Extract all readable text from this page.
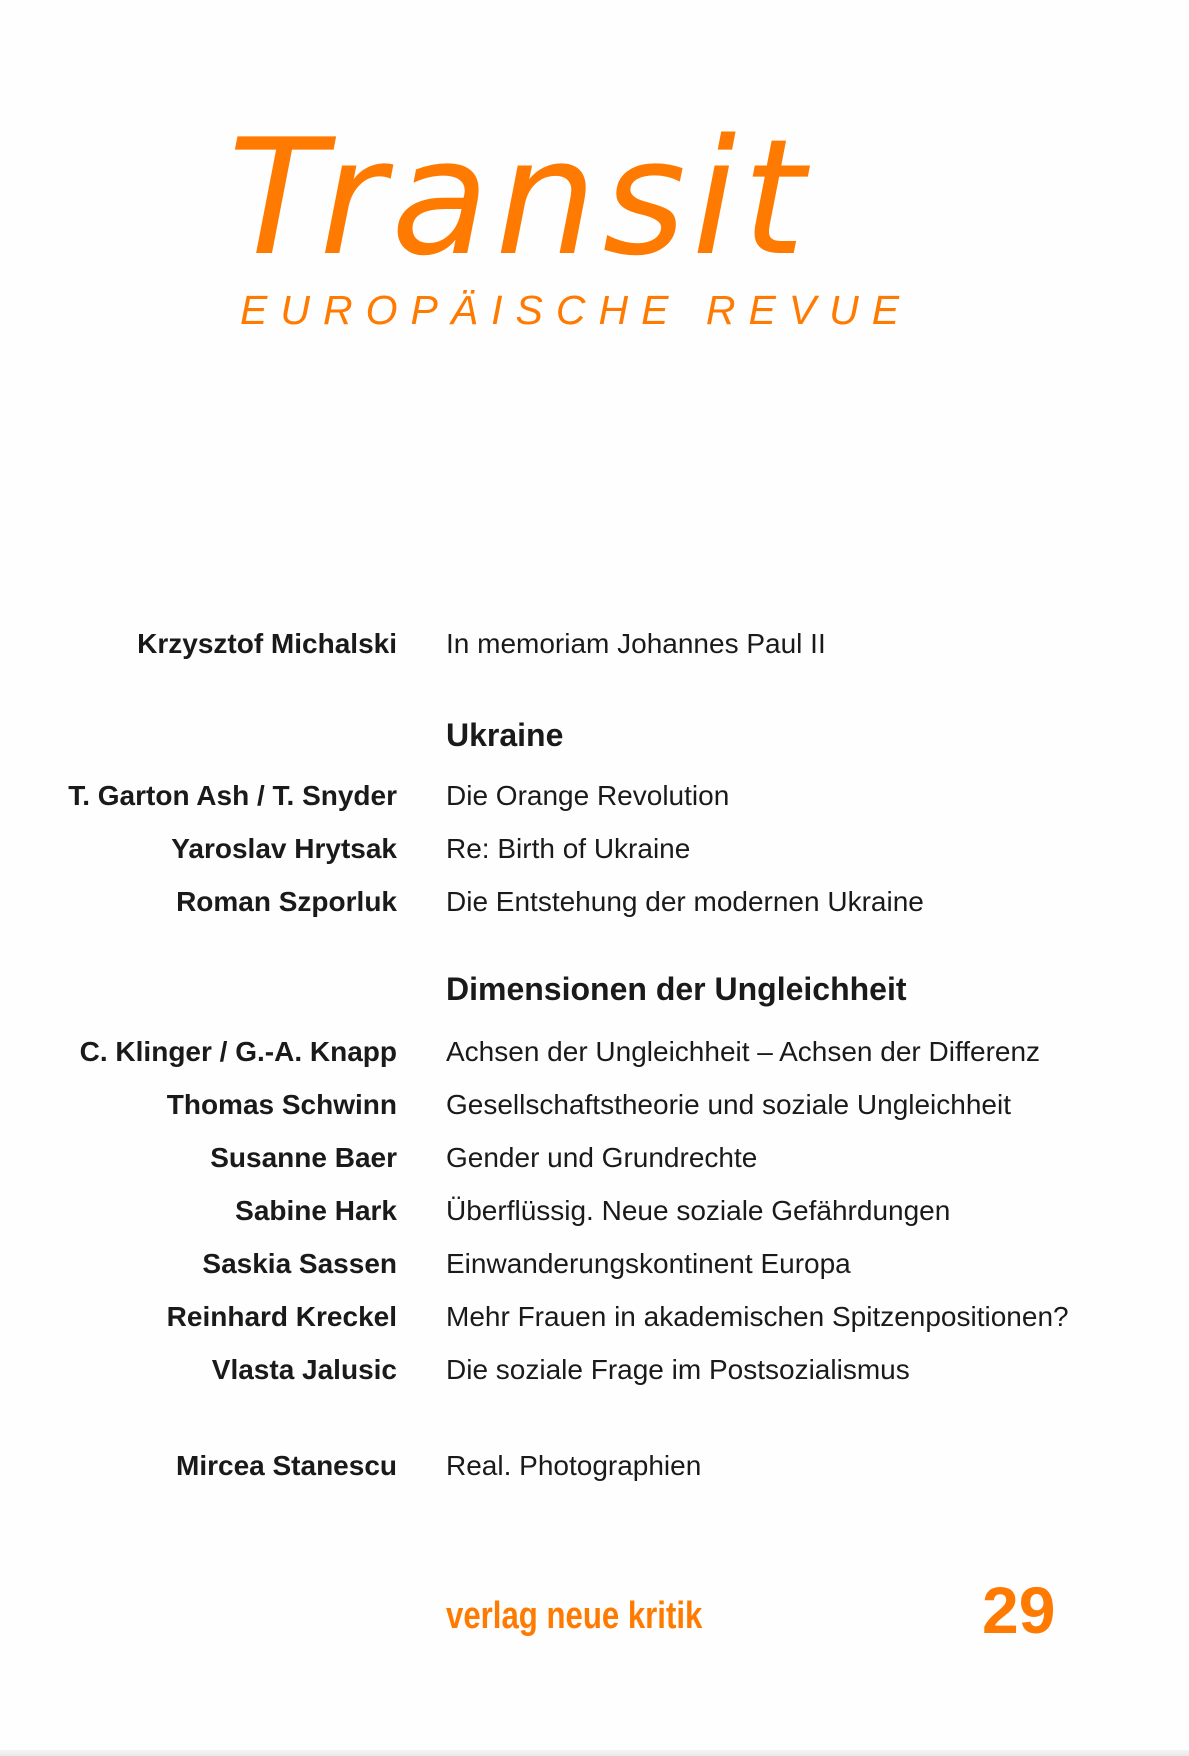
Transit
EUROPÄISCHE REVUE
Krzysztof Michalski In memoriam Johannes Paul II
Ukraine
T. Garton Ash / T. Snyder Die Orange Revolution
Yaroslav Hrytsak Re: Birth of Ukraine
Roman Szporluk Die Entstehung der modernen Ukraine
Dimensionen der Ungleichheit
C. Klinger / G.-A. Knapp Achsen der Ungleichheit – Achsen der Differenz
Thomas Schwinn Gesellschaftstheorie und soziale Ungleichheit
Susanne Baer Gender und Grundrechte
Sabine Hark Überflüssig. Neue soziale Gefährdungen
Saskia Sassen Einwanderungskontinent Europa
Reinhard Kreckel Mehr Frauen in akademischen Spitzenpositionen?
Vlasta Jalusic Die soziale Frage im Postsozialismus
Mircea Stanescu Real. Photographien
verlag neue kritik	29
